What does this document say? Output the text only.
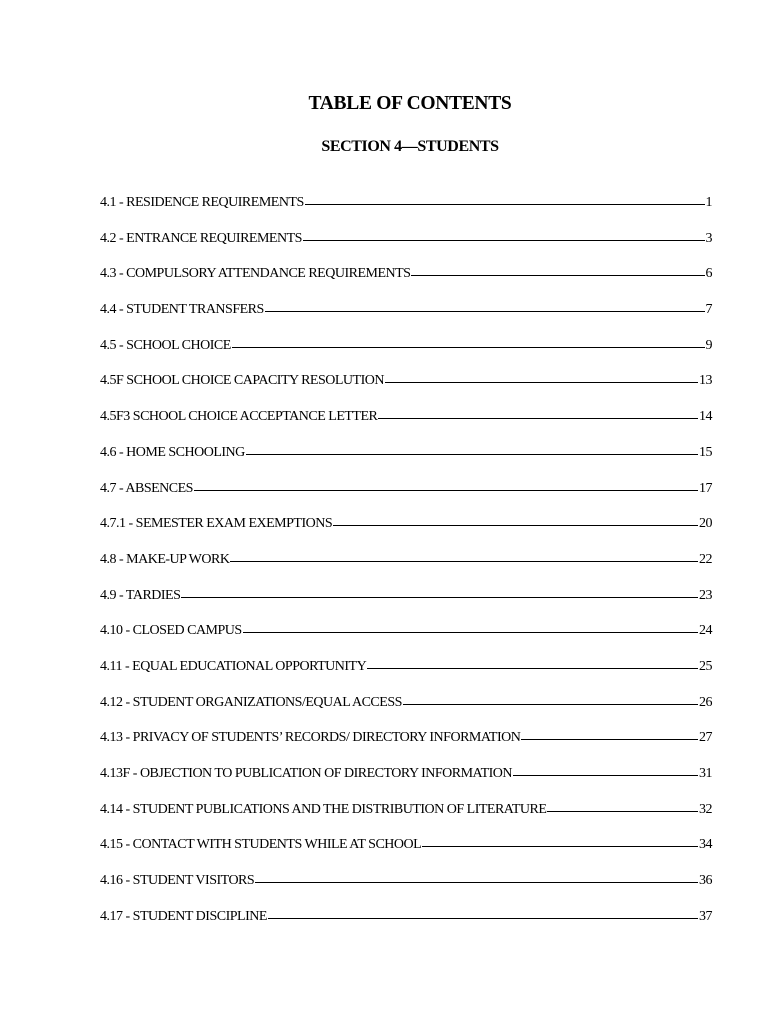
TABLE OF CONTENTS
SECTION 4—STUDENTS
4.1 - RESIDENCE REQUIREMENTS	1
4.2 - ENTRANCE REQUIREMENTS	3
4.3 - COMPULSORY ATTENDANCE REQUIREMENTS	6
4.4 - STUDENT TRANSFERS	7
4.5 - SCHOOL CHOICE	9
4.5F SCHOOL CHOICE CAPACITY RESOLUTION	13
4.5F3 SCHOOL CHOICE ACCEPTANCE LETTER	14
4.6 - HOME SCHOOLING	15
4.7 - ABSENCES	17
4.7.1 - SEMESTER EXAM EXEMPTIONS	20
4.8 - MAKE-UP WORK	22
4.9 - TARDIES	23
4.10 - CLOSED CAMPUS	24
4.11 - EQUAL EDUCATIONAL OPPORTUNITY	25
4.12 - STUDENT ORGANIZATIONS/EQUAL ACCESS	26
4.13 - PRIVACY OF STUDENTS’ RECORDS/ DIRECTORY INFORMATION	27
4.13F - OBJECTION TO PUBLICATION OF DIRECTORY INFORMATION	31
4.14 - STUDENT PUBLICATIONS AND THE DISTRIBUTION OF LITERATURE	32
4.15 - CONTACT WITH STUDENTS WHILE AT SCHOOL	34
4.16 - STUDENT VISITORS	36
4.17 - STUDENT DISCIPLINE	37
